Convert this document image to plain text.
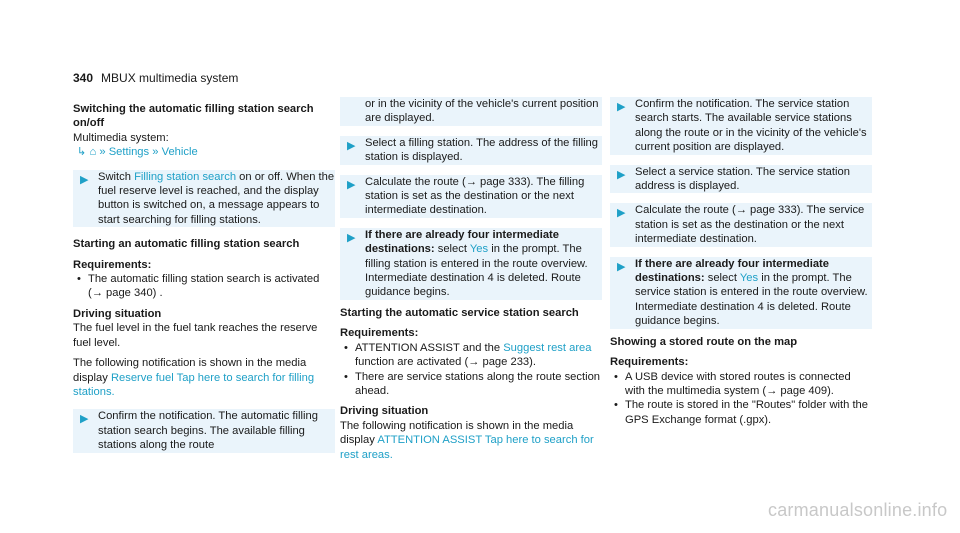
340 MBUX multimedia system

Switching the automatic filling station search on/off

Multimedia system:

↳ ⌂ » Settings » Vehicle

▶ Switch Filling station search on or off. When the fuel reserve level is reached, and the display button is switched on, a message appears to start searching for filling stations.

Starting an automatic filling station search

Requirements:

• The automatic filling station search is activated (→ page 340) .

Driving situation

The fuel level in the fuel tank reaches the reserve fuel level.

The following notification is shown in the media display Reserve fuel Tap here to search for filling stations.

▶ Confirm the notification. The automatic filling station search begins. The available filling stations along the route

or in the vicinity of the vehicle's current position are displayed.

▶ Select a filling station. The address of the filling station is displayed.

▶ Calculate the route (→ page 333). The filling station is set as the destination or the next intermediate destination.

▶ If there are already four intermediate destinations: select Yes in the prompt. The filling station is entered in the route overview. Intermediate destination 4 is deleted. Route guidance begins.

Starting the automatic service station search

Requirements:

• ATTENTION ASSIST and the Suggest rest area function are activated (→ page 233).

• There are service stations along the route section ahead.

Driving situation

The following notification is shown in the media display ATTENTION ASSIST Tap here to search for rest areas.

▶ Confirm the notification. The service station search starts. The available service stations along the route or in the vicinity of the vehicle's current position are displayed.

▶ Select a service station. The service station address is displayed.

▶ Calculate the route (→ page 333). The service station is set as the destination or the next intermediate destination.

▶ If there are already four intermediate destinations: select Yes in the prompt. The service station is entered in the route overview. Intermediate destination 4 is deleted. Route guidance begins.

Showing a stored route on the map

Requirements:

• A USB device with stored routes is connected with the multimedia system (→ page 409).

• The route is stored in the "Routes" folder with the GPS Exchange format (.gpx).

carmanualsonline.info
